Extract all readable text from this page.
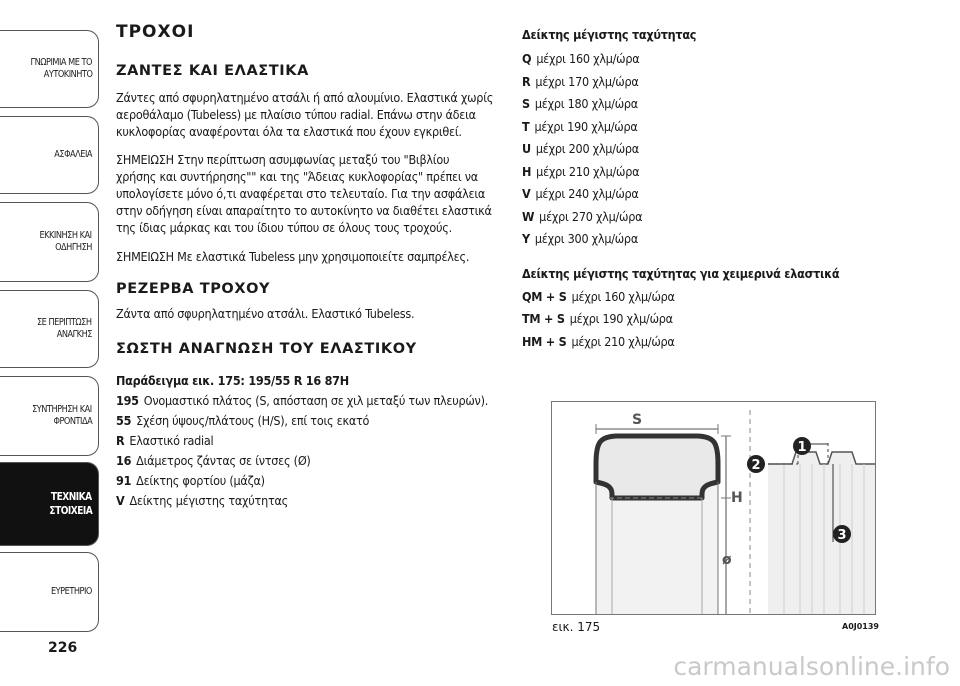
ΓΝΩΡΙΜΙΑ ΜΕ ΤΟ
ΑΥΤΟΚΙΝΗΤΟ
ΑΣΦΑΛΕΙΑ
ΕΚΚΙΝΗΣΗ ΚΑΙ
ΟΔΗΓΗΣΗ
ΣΕ ΠΕΡΙΠΤΩΣΗ
ΑΝΑΓΚΗΣ
ΣΥΝΤΗΡΗΣΗ ΚΑΙ
ΦΡΟΝΤΙΔΑ
ΤΕΧΝΙΚΑ
ΣΤΟΙΧΕΙΑ
ΕΥΡΕΤΗΡΙΟ
226
ΤΡΟΧΟΙ
ΖΑΝΤΕΣ ΚΑΙ ΕΛΑΣΤΙΚΑ
Ζάντες από σφυρηλατημένο ατσάλι ή από αλουμίνιο. Ελαστικά χωρίς
αεροθάλαμο (Tubeless) με πλαίσιο τύπου radial. Επάνω στην άδεια
κυκλοφορίας αναφέρονται όλα τα ελαστικά που έχουν εγκριθεί.
ΣΗΜΕΙΩΣΗ Στην περίπτωση ασυμφωνίας μεταξύ του "Βιβλίου
χρήσης και συντήρησης"" και της "Άδειας κυκλοφορίας" πρέπει να
υπολογίσετε μόνο ό,τι αναφέρεται στο τελευταίο. Για την ασφάλεια
στην οδήγηση είναι απαραίτητο το αυτοκίνητο να διαθέτει ελαστικά
της ίδιας μάρκας και του ίδιου τύπου σε όλους τους τροχούς.
ΣΗΜΕΙΩΣΗ Με ελαστικά Tubeless μην χρησιμοποιείτε σαμπρέλες.
ΡΕΖΕΡΒΑ ΤΡΟΧΟΥ
Ζάντα από σφυρηλατημένο ατσάλι. Ελαστικό Tubeless.
ΣΩΣΤΗ ΑΝΑΓΝΩΣΗ ΤΟΥ ΕΛΑΣΤΙΚΟΥ
Παράδειγμα εικ. 175: 195/55 R 16 87H
195 Ονομαστικό πλάτος (S, απόσταση σε χιλ μεταξύ των πλευρών).
55 Σχέση ύψους/πλάτους (H/S), επί τοις εκατό
R Ελαστικό radial
16 Διάμετρος ζάντας σε ίντσες (Ø)
91 Δείκτης φορτίου (μάζα)
V Δείκτης μέγιστης ταχύτητας
Δείκτης μέγιστης ταχύτητας
Q μέχρι 160 χλμ/ώρα
R μέχρι 170 χλμ/ώρα
S μέχρι 180 χλμ/ώρα
T μέχρι 190 χλμ/ώρα
U μέχρι 200 χλμ/ώρα
H μέχρι 210 χλμ/ώρα
V μέχρι 240 χλμ/ώρα
W μέχρι 270 χλμ/ώρα
Y μέχρι 300 χλμ/ώρα
Δείκτης μέγιστης ταχύτητας για χειμερινά ελαστικά
QM + S μέχρι 160 χλμ/ώρα
TM + S μέχρι 190 χλμ/ώρα
HM + S μέχρι 210 χλμ/ώρα
S
H
ø
1
2
3
εικ. 175	A0J0139
carmanualsonline.info
